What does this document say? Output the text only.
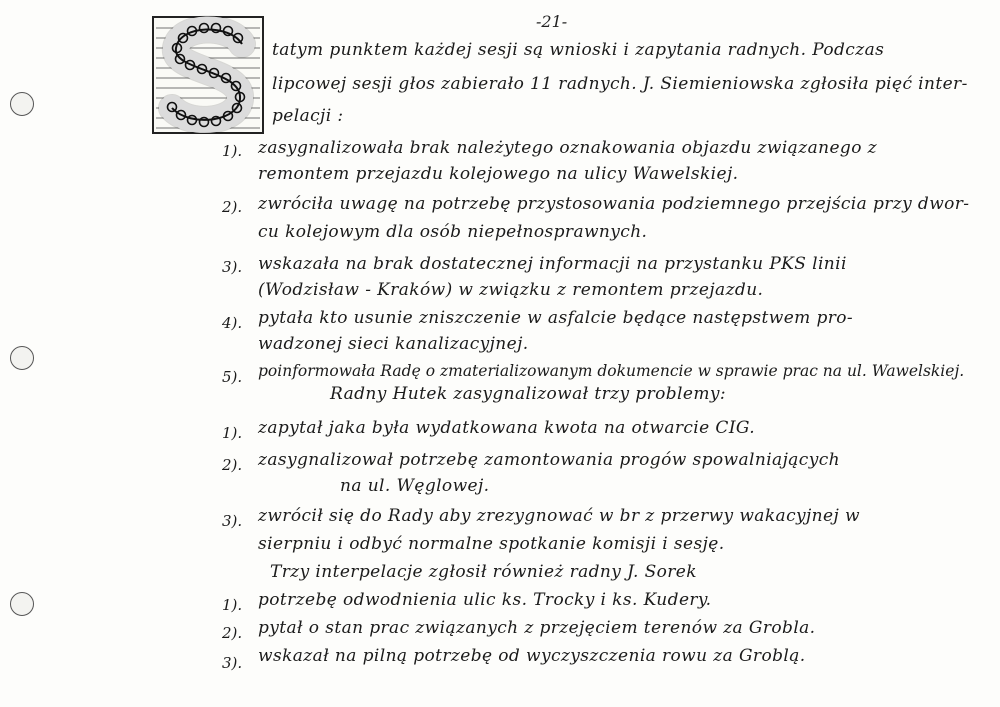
-21-
tatym punktem każdej sesji są wnioski i zapytania radnych. Podczas
lipcowej sesji głos zabierało 11 radnych. J. Siemieniowska zgłosiła pięć inter-
pelacji :
1). zasygnalizowała brak należytego oznakowania objazdu związanego z
remontem przejazdu kolejowego na ulicy Wawelskiej.
2). zwróciła uwagę na potrzebę przystosowania podziemnego przejścia przy dwor-
cu kolejowym dla osób niepełnosprawnych.
3). wskazała na brak dostatecznej informacji na przystanku PKS linii
(Wodzisław - Kraków) w związku z remontem przejazdu.
4). pytała kto usunie zniszczenie w asfalcie będące następstwem pro-
wadzonej sieci kanalizacyjnej.
5). poinformowała Radę o zmaterializowanym dokumencie w sprawie prac na ul. Wawelskiej.
Radny Hutek zasygnalizował trzy problemy:
1). zapytał jaka była wydatkowana kwota na otwarcie CIG.
2). zasygnalizował potrzebę zamontowania progów spowalniających
na ul. Węglowej.
3). zwrócił się do Rady aby zrezygnować w br z przerwy wakacyjnej w
sierpniu i odbyć normalne spotkanie komisji i sesję.
Trzy interpelacje zgłosił również radny J. Sorek
1). potrzebę odwodnienia ulic ks. Trocky i ks. Kudery.
2). pytał o stan prac związanych z przejęciem terenów za Grobla.
3). wskazał na pilną potrzebę od wyczyszczenia rowu za Groblą.
